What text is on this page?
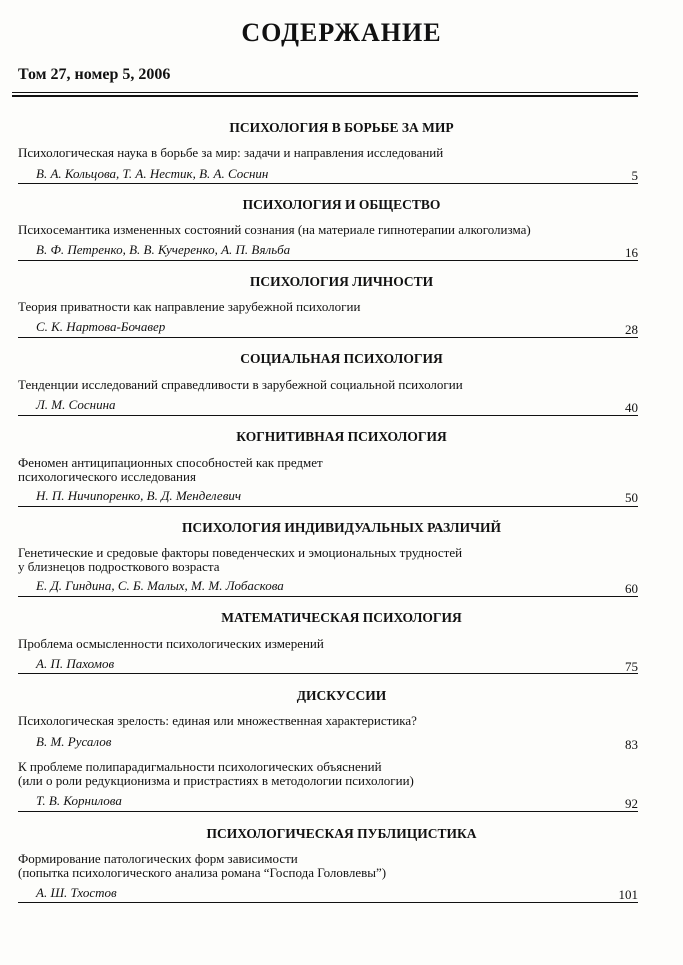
СОДЕРЖАНИЕ
Том 27, номер 5, 2006
ПСИХОЛОГИЯ В БОРЬБЕ ЗА МИР
Психологическая наука в борьбе за мир: задачи и направления исследований
В. А. Кольцова, Т. А. Нестик, В. А. Соснин	5
ПСИХОЛОГИЯ И ОБЩЕСТВО
Психосемантика измененных состояний сознания (на материале гипнотерапии алкоголизма)
В. Ф. Петренко, В. В. Кучеренко, А. П. Вяльба	16
ПСИХОЛОГИЯ ЛИЧНОСТИ
Теория приватности как направление зарубежной психологии
С. К. Нартова-Бочавер	28
СОЦИАЛЬНАЯ ПСИХОЛОГИЯ
Тенденции исследований справедливости в зарубежной социальной психологии
Л. М. Соснина	40
КОГНИТИВНАЯ ПСИХОЛОГИЯ
Феномен антиципационных способностей как предмет
психологического исследования
Н. П. Ничипоренко, В. Д. Менделевич	50
ПСИХОЛОГИЯ ИНДИВИДУАЛЬНЫХ РАЗЛИЧИЙ
Генетические и средовые факторы поведенческих и эмоциональных трудностей
у близнецов подросткового возраста
Е. Д. Гиндина, С. Б. Малых, М. М. Лобаскова	60
МАТЕМАТИЧЕСКАЯ ПСИХОЛОГИЯ
Проблема осмысленности психологических измерений
А. П. Пахомов	75
ДИСКУССИИ
Психологическая зрелость: единая или множественная характеристика?
В. М. Русалов	83
К проблеме полипарадигмальности психологических объяснений
(или о роли редукционизма и пристрастиях в методологии психологии)
Т. В. Корнилова	92
ПСИХОЛОГИЧЕСКАЯ ПУБЛИЦИСТИКА
Формирование патологических форм зависимости
(попытка психологического анализа романа “Господа Головлевы”)
А. Ш. Тхостов	101
